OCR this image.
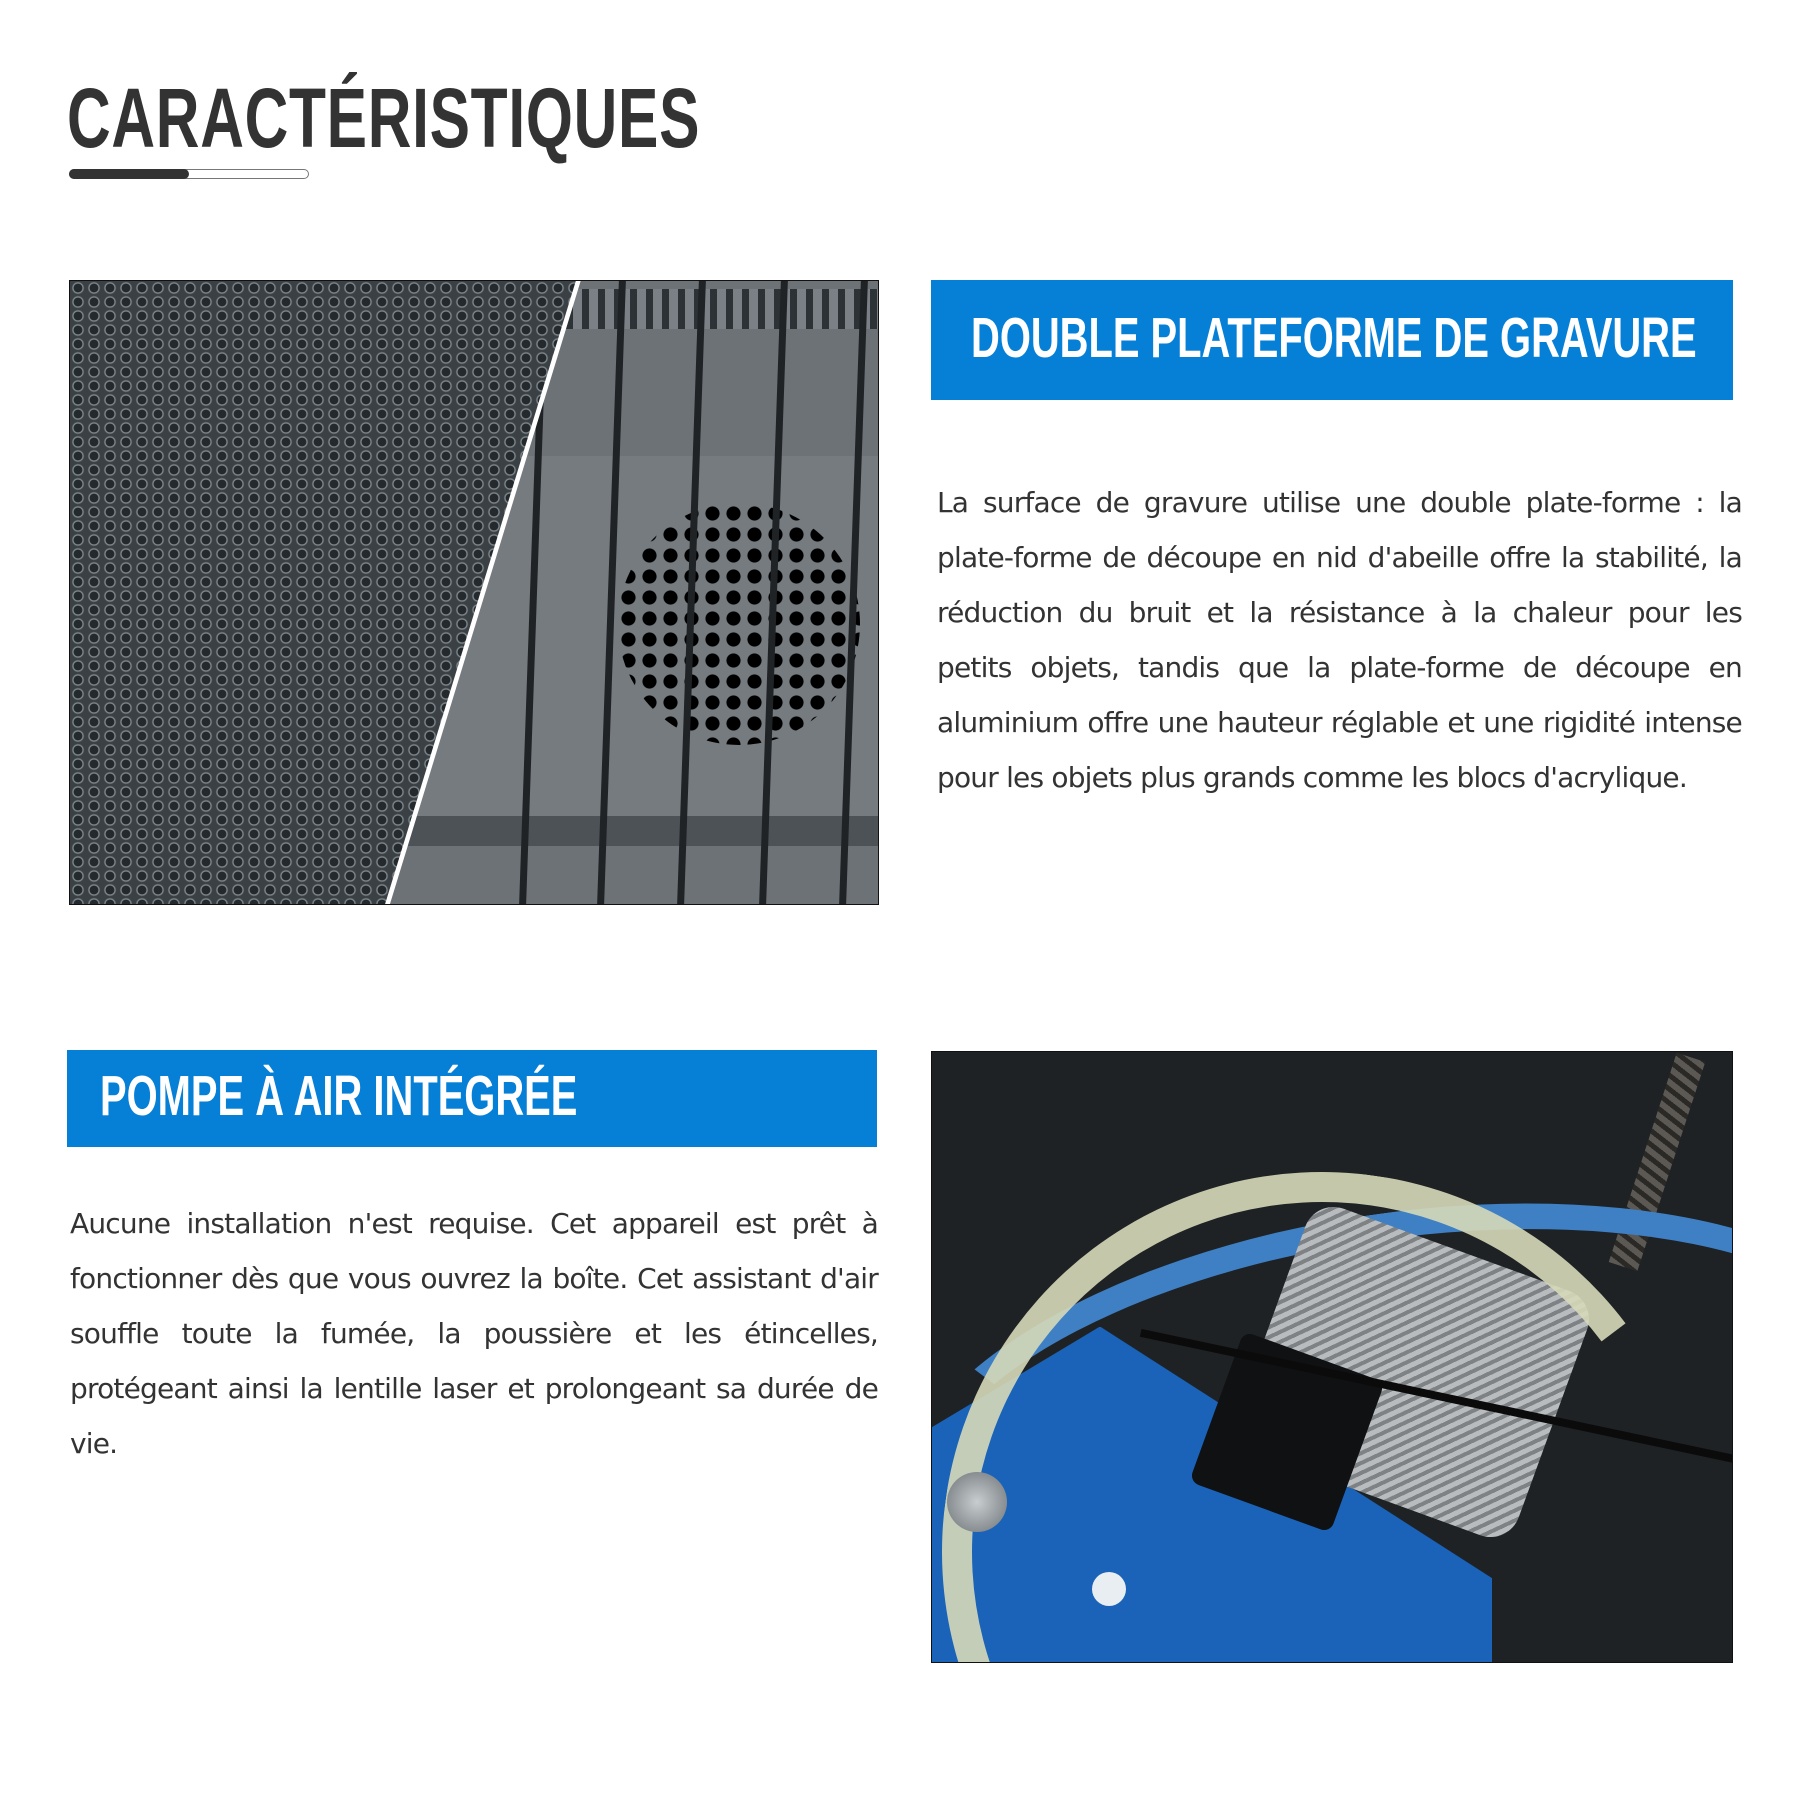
CARACTÉRISTIQUES
DOUBLE PLATEFORME DE GRAVURE
La surface de gravure utilise une double plate-forme : la plate-forme de découpe en nid d'abeille offre la stabilité, la réduction du bruit et la résistance à la chaleur pour les petits objets, tandis que la plate-forme de découpe en aluminium offre une hauteur réglable et une rigidité intense pour les objets plus grands comme les blocs d'acrylique.
POMPE À AIR INTÉGRÉE
Aucune installation n'est requise. Cet appareil est prêt à fonctionner dès que vous ouvrez la boîte. Cet assistant d'air souffle toute la fumée, la poussière et les étincelles, protégeant ainsi la lentille laser et prolongeant sa durée de vie.
